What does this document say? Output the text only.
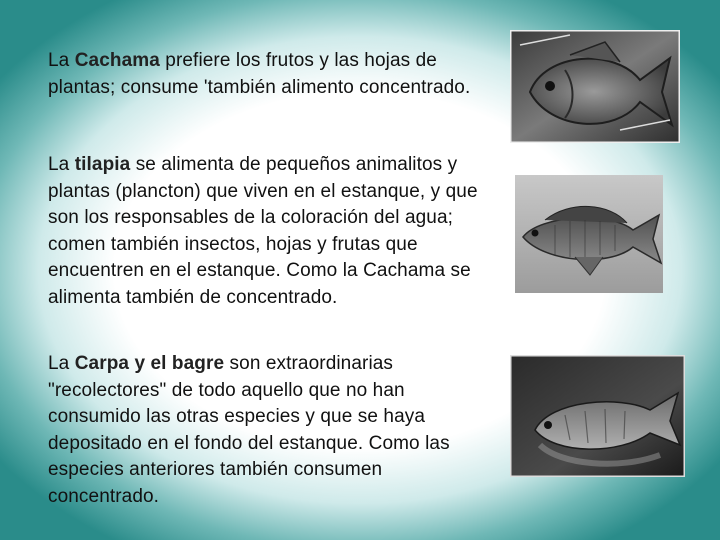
La Cachama prefiere los frutos y las hojas de plantas; consume 'también alimento concentrado.

La tilapia se alimenta de pequeños animalitos y plantas (plancton) que viven en el estanque, y que son los responsables de la coloración del agua; comen también insectos, hojas y frutas que encuentren en el estanque. Como la Cachama se alimenta también de concentrado.

La Carpa y el bagre son extraordinarias "recolectores" de todo aquello que no han consumido las otras especies y que se haya depositado en el fondo del estanque. Como las especies anteriores también consumen concentrado.
